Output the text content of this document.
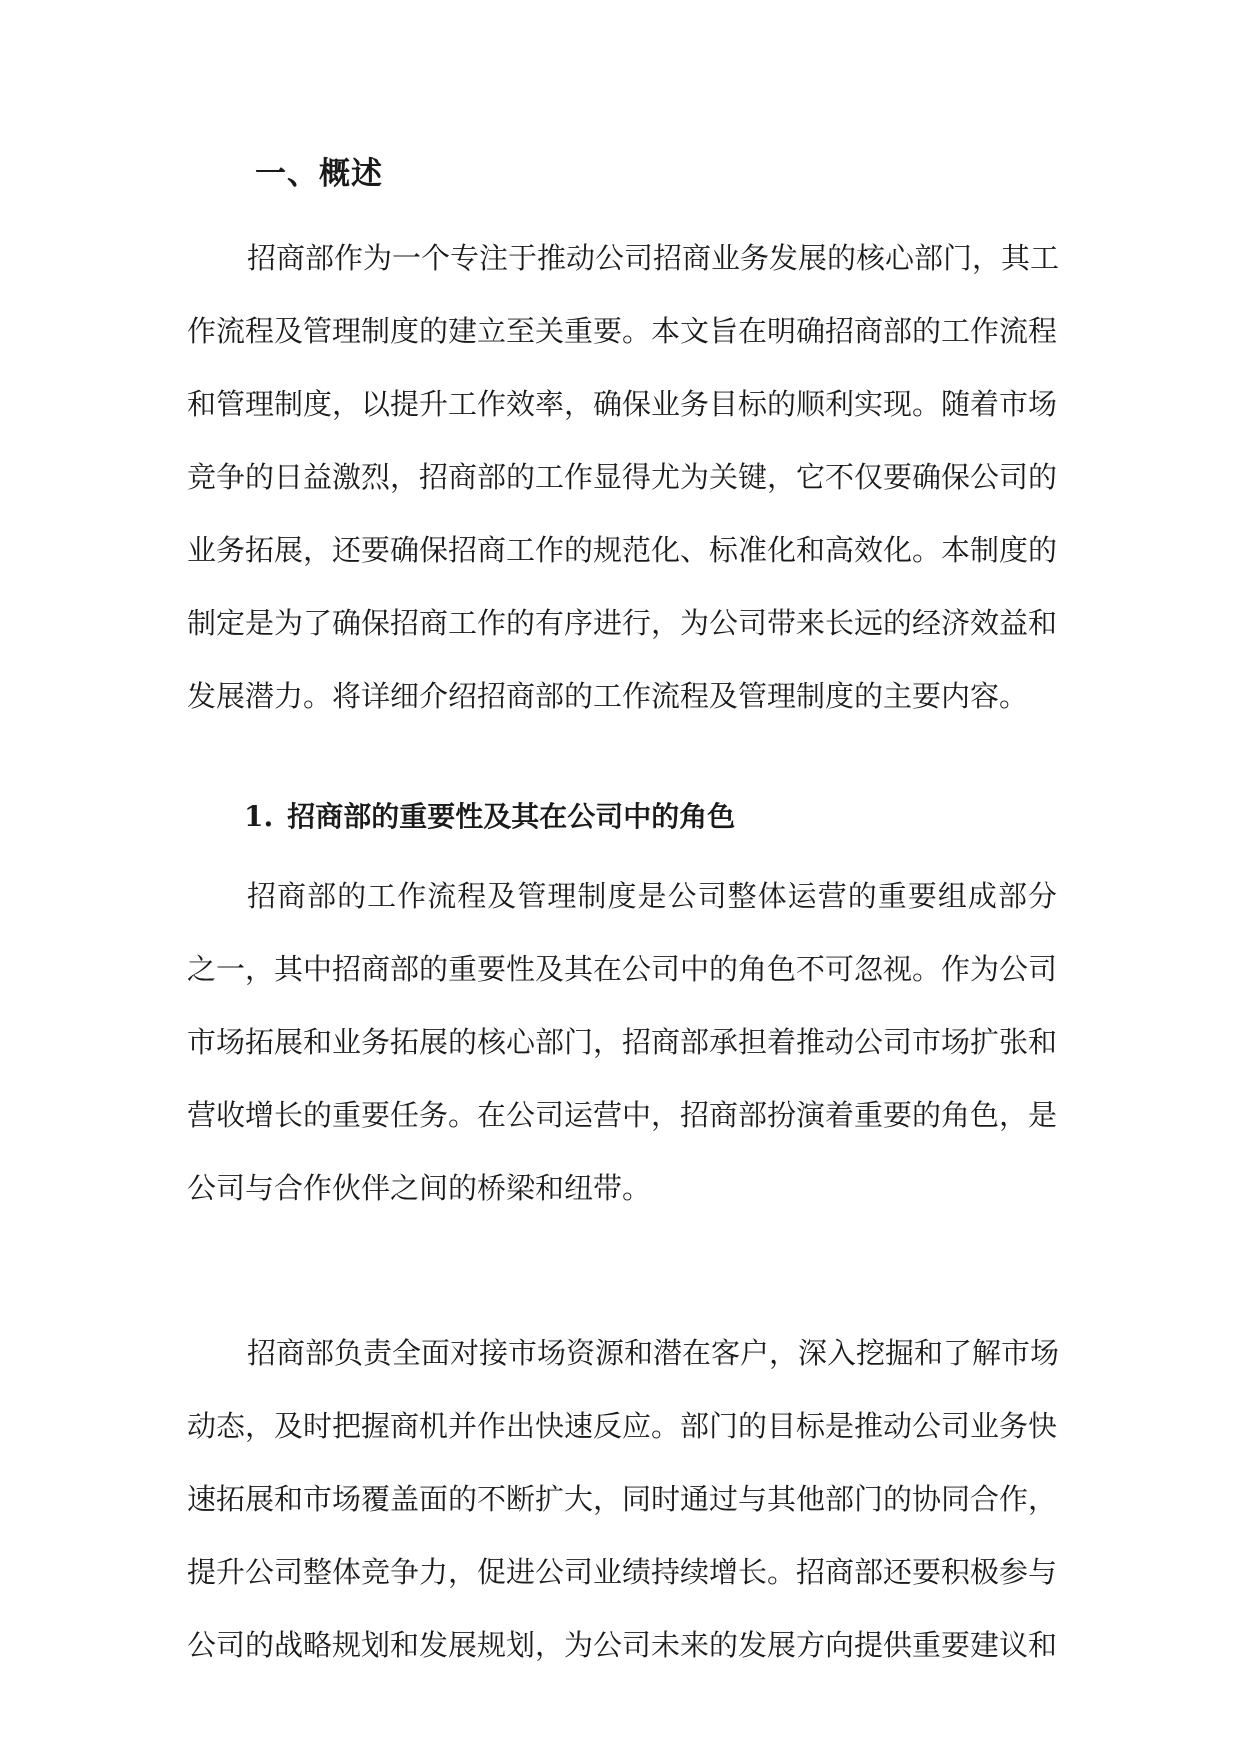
一、概述
招商部作为一个专注于推动公司招商业务发展的核心部门，其工
作流程及管理制度的建立至关重要。本文旨在明确招商部的工作流程
和管理制度，以提升工作效率，确保业务目标的顺利实现。随着市场
竞争的日益激烈，招商部的工作显得尤为关键，它不仅要确保公司的
业务拓展，还要确保招商工作的规范化、标准化和高效化。本制度的
制定是为了确保招商工作的有序进行，为公司带来长远的经济效益和
发展潜力。将详细介绍招商部的工作流程及管理制度的主要内容。
1. 招商部的重要性及其在公司中的角色
招商部的工作流程及管理制度是公司整体运营的重要组成部分
之一，其中招商部的重要性及其在公司中的角色不可忽视。作为公司
市场拓展和业务拓展的核心部门，招商部承担着推动公司市场扩张和
营收增长的重要任务。在公司运营中，招商部扮演着重要的角色，是
公司与合作伙伴之间的桥梁和纽带。
招商部负责全面对接市场资源和潜在客户，深入挖掘和了解市场
动态，及时把握商机并作出快速反应。部门的目标是推动公司业务快
速拓展和市场覆盖面的不断扩大，同时通过与其他部门的协同合作，
提升公司整体竞争力，促进公司业绩持续增长。招商部还要积极参与
公司的战略规划和发展规划，为公司未来的发展方向提供重要建议和
